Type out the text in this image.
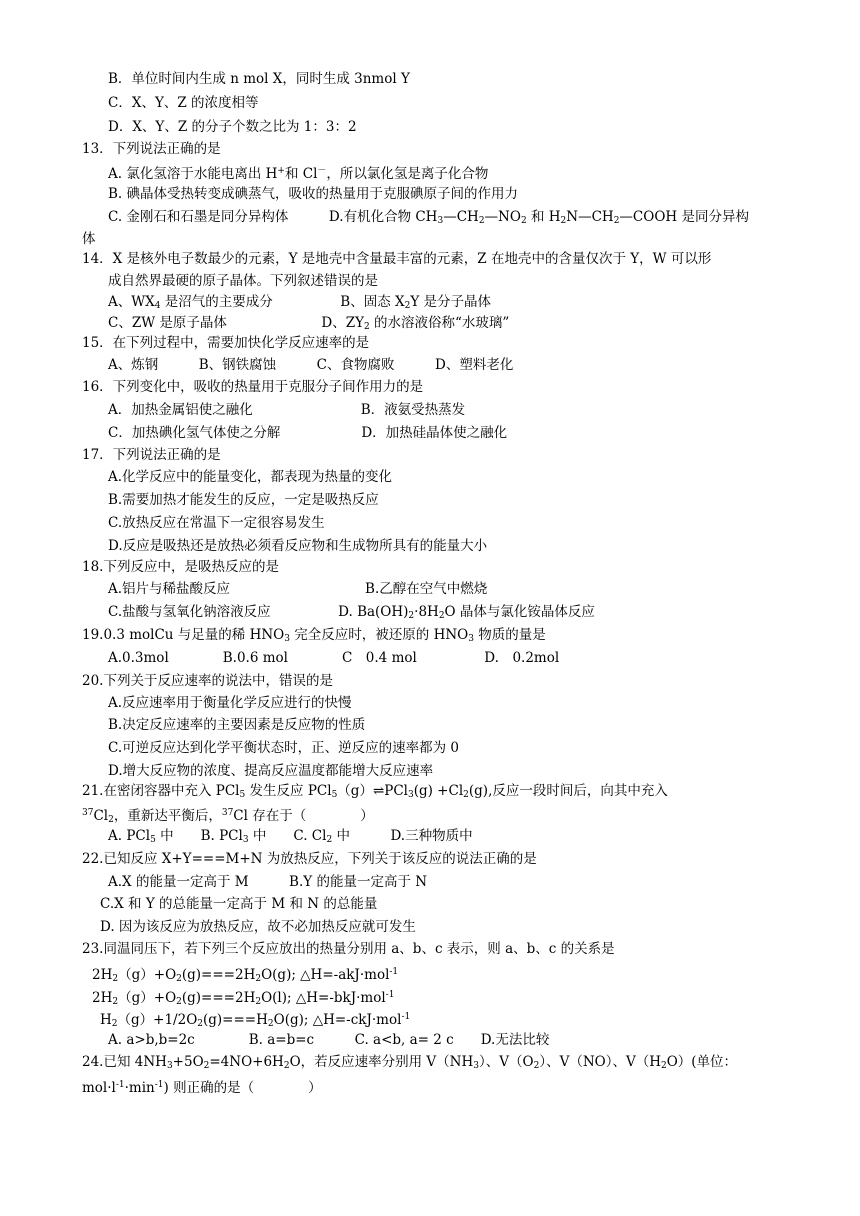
B．单位时间内生成 n mol X，同时生成 3nmol Y
C．X、Y、Z 的浓度相等
D．X、Y、Z 的分子个数之比为 1：3：2
13．下列说法正确的是
A. 氯化氢溶于水能电离出 H+和 Cl－，所以氯化氢是离子化合物
B. 碘晶体受热转变成碘蒸气，吸收的热量用于克服碘原子间的作用力
C. 金刚石和石墨是同分异构体　　　D.有机化合物 $CH_3—CH_2—NO_2$ 和 $H_2N—CH_2—COOH$ 是同分异构
体
14．X 是核外电子数最少的元素，Y 是地壳中含量最丰富的元素，Z 在地壳中的含量仅次于 Y，W 可以形
成自然界最硬的原子晶体。下列叙述错误的是
A、$WX_4$ 是沼气的主要成分　　　　　B、固态 $X_2Y$ 是分子晶体
C、ZW 是原子晶体　　　　　　　D、$ZY_2$ 的水溶液俗称“水玻璃”
15．在下列过程中，需要加快化学反应速率的是
A、炼钢　　　B、钢铁腐蚀　　　C、食物腐败　　　D、塑料老化
16．下列变化中，吸收的热量用于克服分子间作用力的是
A．加热金属铝使之融化　　　　　　　　B．液氨受热蒸发
C．加热碘化氢气体使之分解　　　　　　D．加热硅晶体使之融化
17．下列说法正确的是
A.化学反应中的能量变化，都表现为热量的变化
B.需要加热才能发生的反应，一定是吸热反应
C.放热反应在常温下一定很容易发生
D.反应是吸热还是放热必须看反应物和生成物所具有的能量大小
18.下列反应中，是吸热反应的是
A.铝片与稀盐酸反应　　　　　　　　　　B.乙醇在空气中燃烧
C.盐酸与氢氧化钠溶液反应　　　　　D. $Ba(OH)_2\cdot 8H_2O$ 晶体与氯化铵晶体反应
19.0.3 molCu 与足量的稀 $HNO_3$ 完全反应时，被还原的 $HNO_3$ 物质的量是
A.0.3mol　　　　B.0.6 mol　　　　C　0.4 mol　　　　　D.　0.2mol
20.下列关于反应速率的说法中，错误的是
A.反应速率用于衡量化学反应进行的快慢
B.决定反应速率的主要因素是反应物的性质
C.可逆反应达到化学平衡状态时，正、逆反应的速率都为 0
D.增大反应物的浓度、提高反应温度都能增大反应速率
21.在密闭容器中充入 PCl$_5$ 发生反应 PCl$_5$（g）⇌PCl$_3$(g) $+Cl_2(g)$,反应一段时间后，向其中充入
$^{37}Cl_2$，重新达平衡后，$^{37}$Cl 存在于（　　　　）
A. PCl$_5$ 中　　B. PCl$_3$ 中　　C. $Cl_2$ 中　　　D.三种物质中
22.已知反应 X+Y===M+N 为放热反应，下列关于该反应的说法正确的是
A.X 的能量一定高于 M　　　B.Y 的能量一定高于 N
C.X 和 Y 的总能量一定高于 M 和 N 的总能量
D. 因为该反应为放热反应，故不必加热反应就可发生
23.同温同压下，若下列三个反应放出的热量分别用 a、b、c 表示，则 a、b、c 的关系是
$2H_2(g)+O_2(g)===2H_2O(g)$; △H=-akJ·mol$^{-1}$
$2H_2(g)+O_2(g)===2H_2O(l)$; △H=-bkJ·mol$^{-1}$
$H_2(g)+1/2O_2(g)===H_2O(g)$; △H=-ckJ·mol$^{-1}$
A. a>b,b=2c　　　　B. a=b=c　　　C. a<b, a= 2 c　　D.无法比较
24.已知 $4NH_3+5O_2=4NO+6H_2O$，若反应速率分别用 $V(NH_3)$、$V(O_2)$、V（NO）、$V(H_2O)$(单位：
$mol\cdot l^{-1}\cdot\min^{-1}$) 则正确的是（　　　　）
